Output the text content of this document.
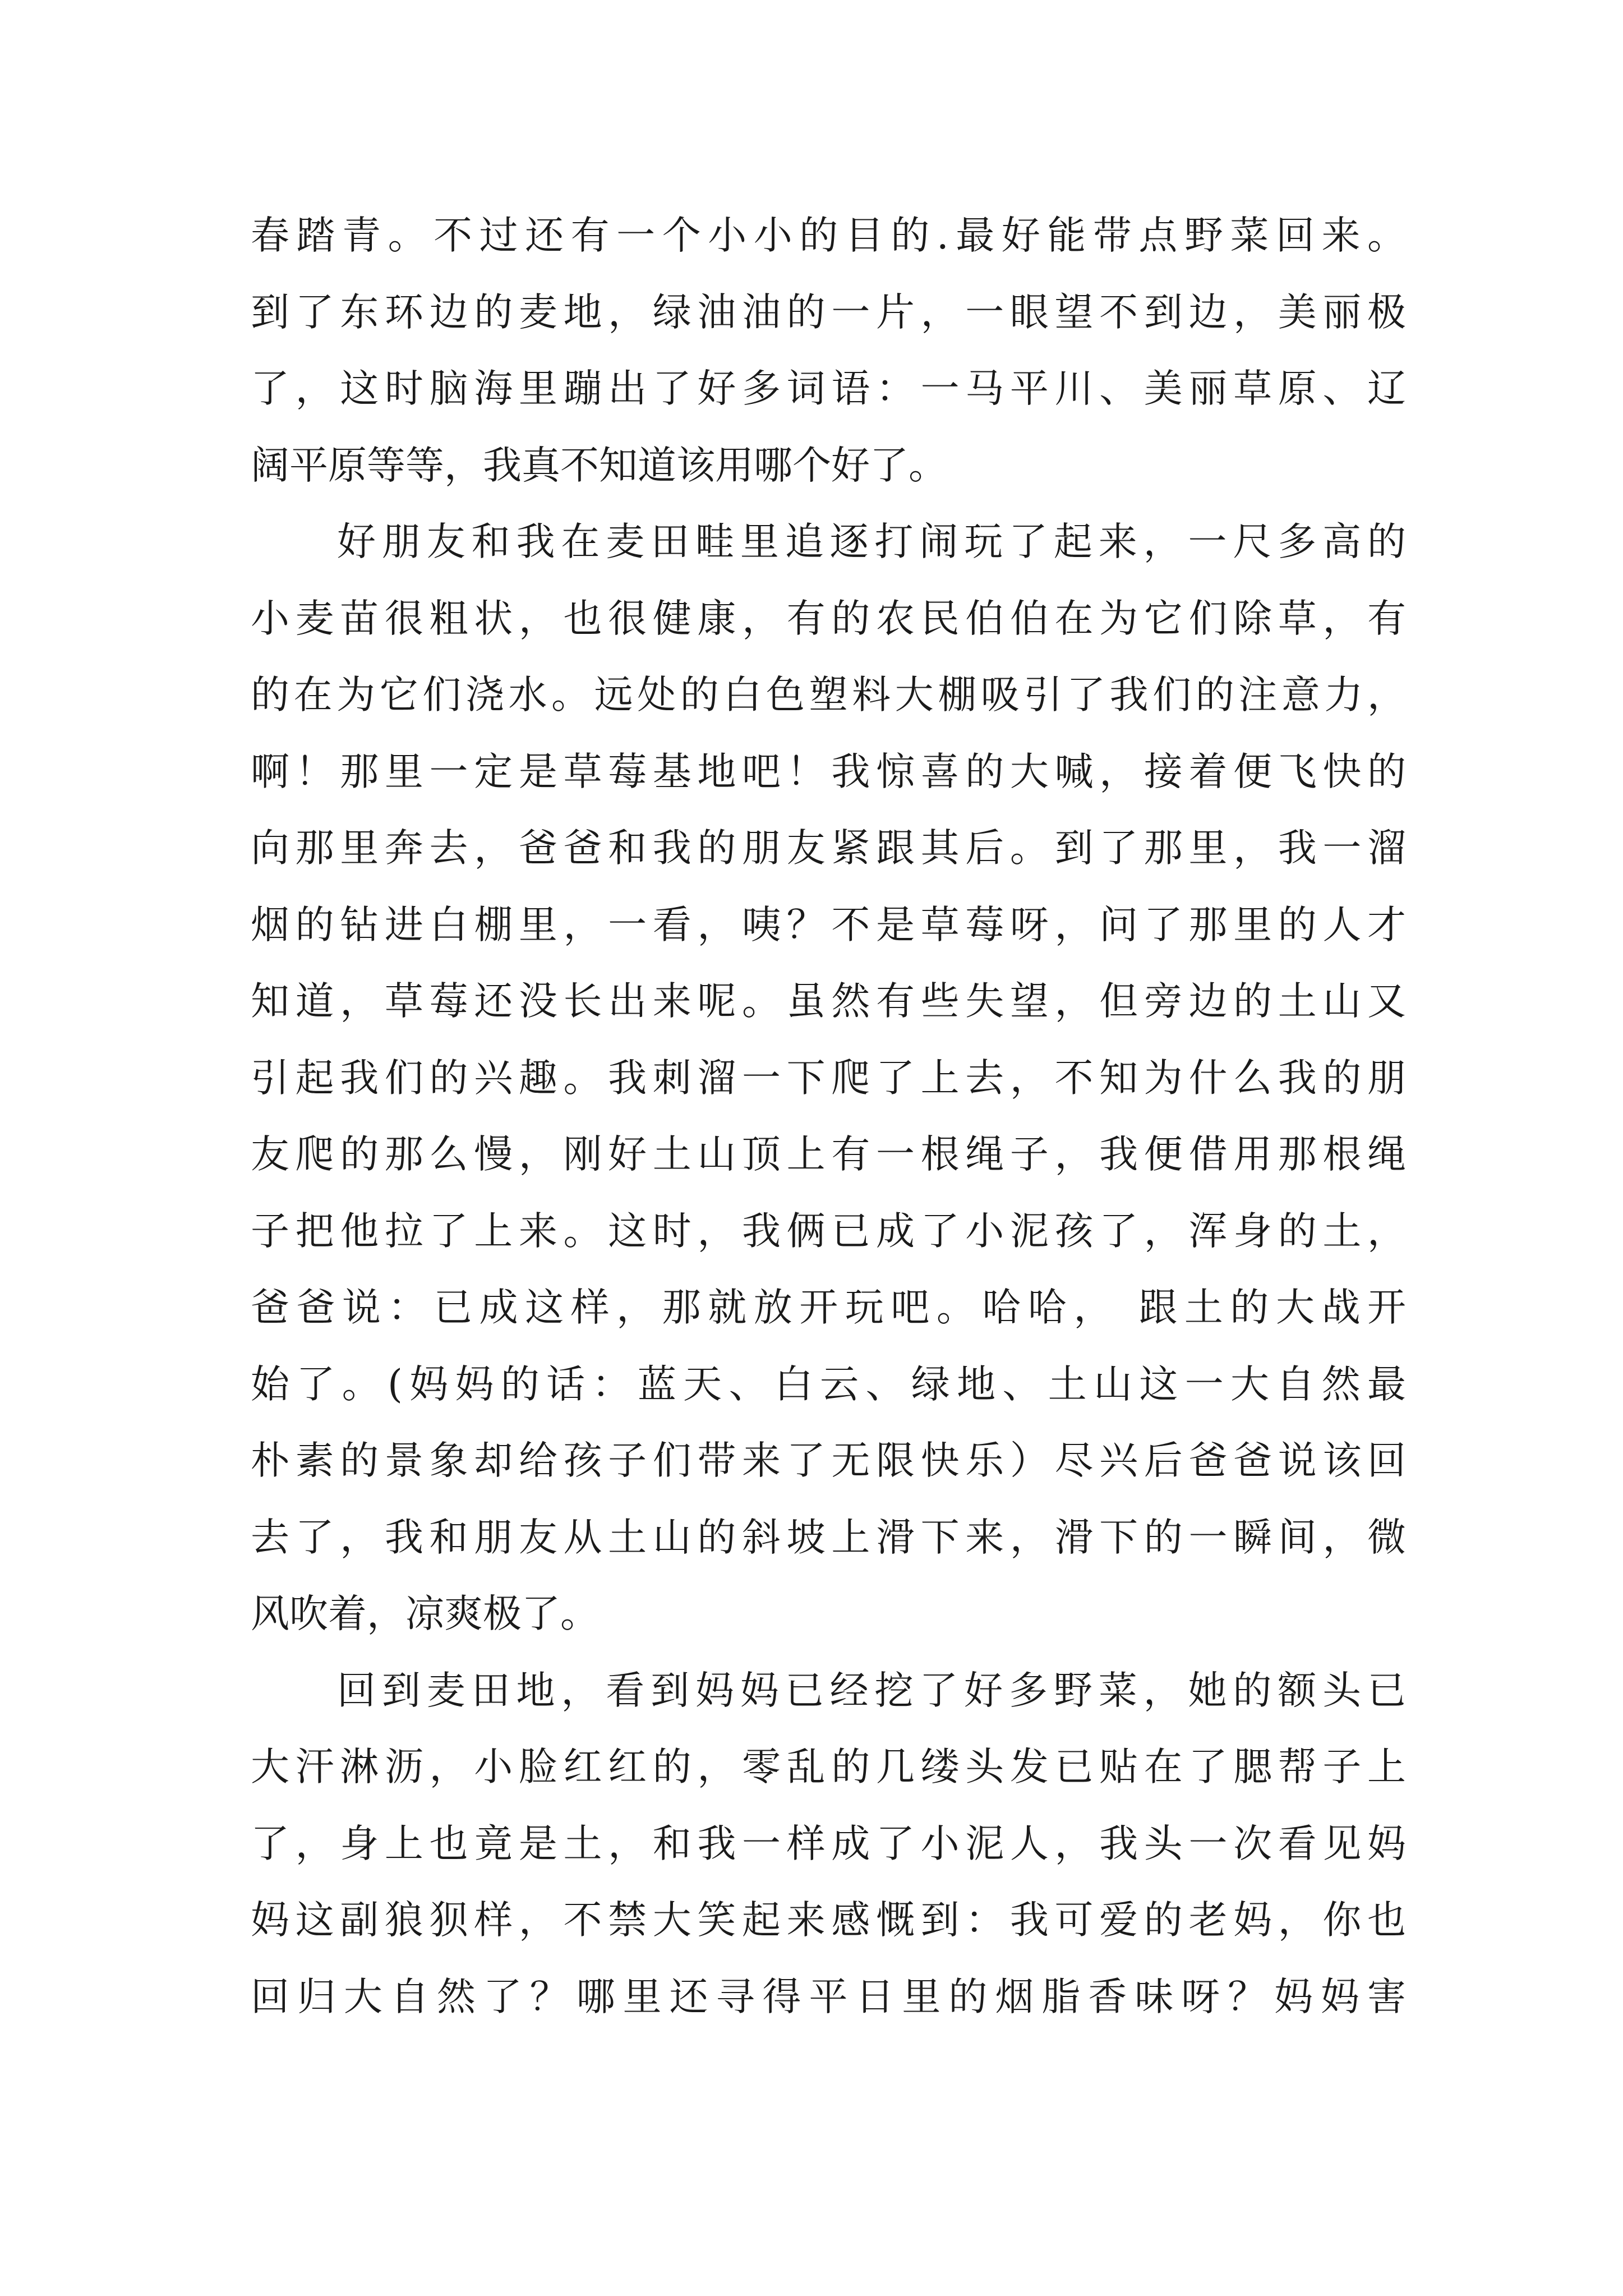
春踏青。不过还有一个小小的目的.最好能带点野菜回来。
到了东环边的麦地，绿油油的一片，一眼望不到边，美丽极
了，这时脑海里蹦出了好多词语：一马平川、美丽草原、辽
阔平原等等，我真不知道该用哪个好了。
好朋友和我在麦田畦里追逐打闹玩了起来，一尺多高的
小麦苗很粗状，也很健康，有的农民伯伯在为它们除草，有
的在为它们浇水。远处的白色塑料大棚吸引了我们的注意力，
啊！那里一定是草莓基地吧！我惊喜的大喊，接着便飞快的
向那里奔去，爸爸和我的朋友紧跟其后。到了那里，我一溜
烟的钻进白棚里，一看，咦？不是草莓呀，问了那里的人才
知道，草莓还没长出来呢。虽然有些失望，但旁边的土山又
引起我们的兴趣。我刺溜一下爬了上去，不知为什么我的朋
友爬的那么慢，刚好土山顶上有一根绳子，我便借用那根绳
子把他拉了上来。这时，我俩已成了小泥孩了，浑身的土，
爸爸说：已成这样，那就放开玩吧。哈哈， 跟土的大战开
始了。(妈妈的话：蓝天、白云、绿地、土山这一大自然最
朴素的景象却给孩子们带来了无限快乐）尽兴后爸爸说该回
去了，我和朋友从土山的斜坡上滑下来，滑下的一瞬间，微
风吹着，凉爽极了。
回到麦田地，看到妈妈已经挖了好多野菜，她的额头已
大汗淋沥，小脸红红的，零乱的几缕头发已贴在了腮帮子上
了，身上也竟是土，和我一样成了小泥人，我头一次看见妈
妈这副狼狈样，不禁大笑起来感慨到：我可爱的老妈，你也
回归大自然了？哪里还寻得平日里的烟脂香味呀？妈妈害
